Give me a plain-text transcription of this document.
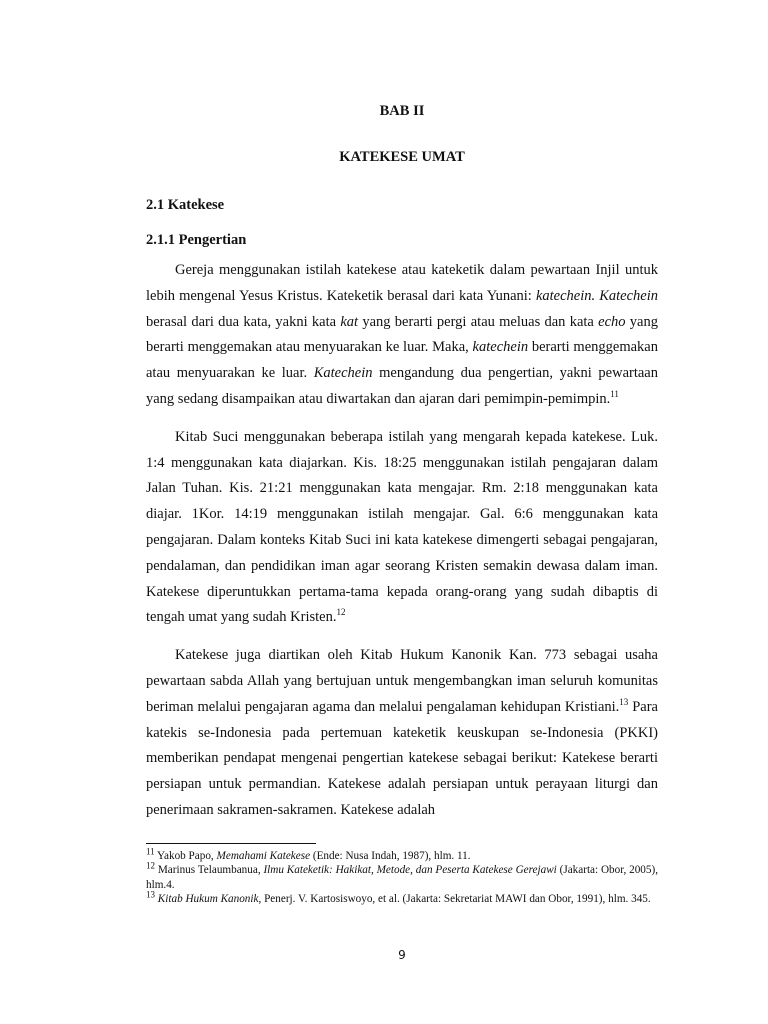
BAB II
KATEKESE UMAT
2.1 Katekese
2.1.1 Pengertian

Gereja menggunakan istilah katekese atau kateketik dalam pewartaan Injil untuk lebih mengenal Yesus Kristus. Kateketik berasal dari kata Yunani: katechein. Katechein berasal dari dua kata, yakni kata kat yang berarti pergi atau meluas dan kata echo yang berarti menggemakan atau menyuarakan ke luar. Maka, katechein berarti menggemakan atau menyuarakan ke luar. Katechein mengandung dua pengertian, yakni pewartaan yang sedang disampaikan atau diwartakan dan ajaran dari pemimpin-pemimpin.$^{11}$

Kitab Suci menggunakan beberapa istilah yang mengarah kepada katekese. Luk. 1:4 menggunakan kata diajarkan. Kis. 18:25 menggunakan istilah pengajaran dalam Jalan Tuhan. Kis. 21:21 menggunakan kata mengajar. Rm. 2:18 menggunakan kata diajar. 1Kor. 14:19 menggunakan istilah mengajar. Gal. 6:6 menggunakan kata pengajaran. Dalam konteks Kitab Suci ini kata katekese dimengerti sebagai pengajaran, pendalaman, dan pendidikan iman agar seorang Kristen semakin dewasa dalam iman. Katekese diperuntukkan pertama-tama kepada orang-orang yang sudah dibaptis di tengah umat yang sudah Kristen.$^{12}$

Katekese juga diartikan oleh Kitab Hukum Kanonik Kan. 773 sebagai usaha pewartaan sabda Allah yang bertujuan untuk mengembangkan iman seluruh komunitas beriman melalui pengajaran agama dan melalui pengalaman kehidupan Kristiani.$^{13}$ Para katekis se-Indonesia pada pertemuan kateketik keuskupan se-Indonesia (PKKI) memberikan pendapat mengenai pengertian katekese sebagai berikut: Katekese berarti persiapan untuk permandian. Katekese adalah persiapan untuk perayaan liturgi dan penerimaan sakramen-sakramen. Katekese adalah

$^{11}$ Yakob Papo, Memahami Katekese (Ende: Nusa Indah, 1987), hlm. 11.

$^{12}$ Marinus Telaumbanua, Ilmu Kateketik: Hakikat, Metode, dan Peserta Katekese Gerejawi (Jakarta: Obor, 2005), hlm.4.

$^{13}$ Kitab Hukum Kanonik, Penerj. V. Kartosiswoyo, et al. (Jakarta: Sekretariat MAWI dan Obor, 1991), hlm. 345.

9
